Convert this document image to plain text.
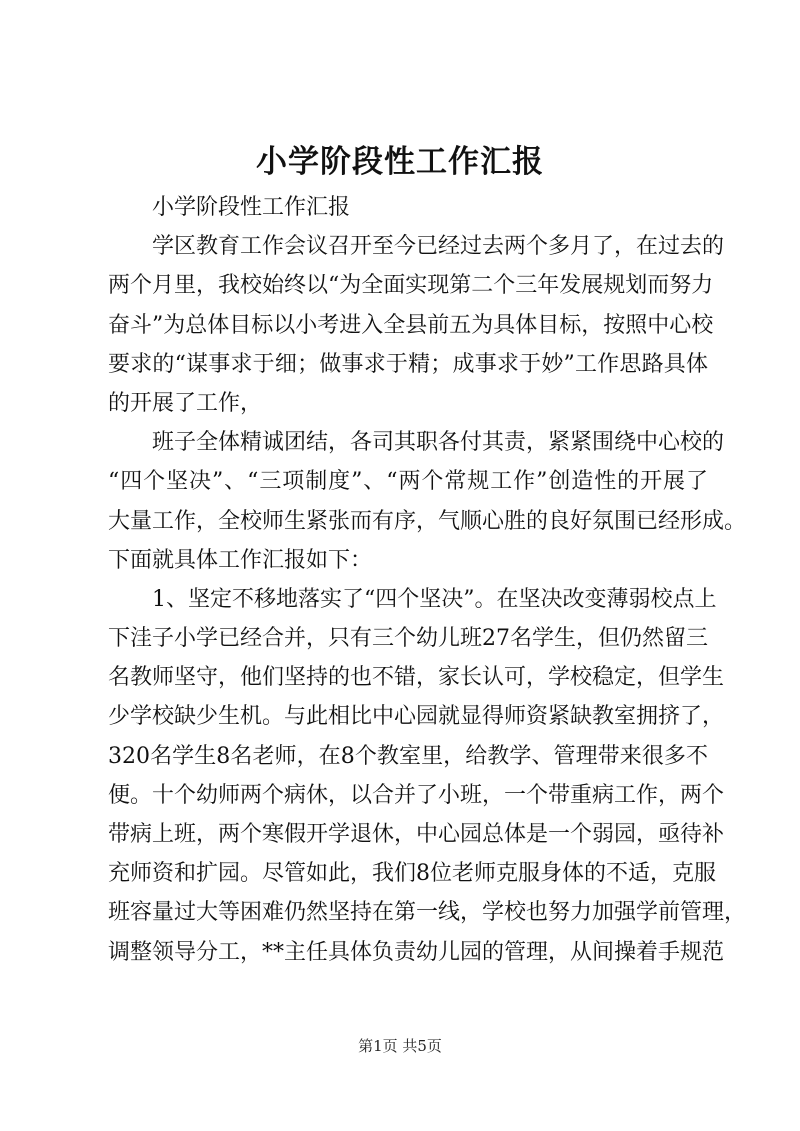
小学阶段性工作汇报
小学阶段性工作汇报
学区教育工作会议召开至今已经过去两个多月了，在过去的
两个月里，我校始终以“为全面实现第二个三年发展规划而努力
奋斗”为总体目标以小考进入全县前五为具体目标，按照中心校
要求的“谋事求于细；做事求于精；成事求于妙”工作思路具体
的开展了工作，
班子全体精诚团结，各司其职各付其责，紧紧围绕中心校的
“四个坚决”、“三项制度”、“两个常规工作”创造性的开展了
大量工作，全校师生紧张而有序，气顺心胜的良好氛围已经形成。
下面就具体工作汇报如下：
1、坚定不移地落实了“四个坚决”。在坚决改变薄弱校点上
下洼子小学已经合并，只有三个幼儿班27名学生，但仍然留三
名教师坚守，他们坚持的也不错，家长认可，学校稳定，但学生
少学校缺少生机。与此相比中心园就显得师资紧缺教室拥挤了，
320名学生8名老师，在8个教室里，给教学、管理带来很多不
便。十个幼师两个病休，以合并了小班，一个带重病工作，两个
带病上班，两个寒假开学退休，中心园总体是一个弱园，亟待补
充师资和扩园。尽管如此，我们8位老师克服身体的不适，克服
班容量过大等困难仍然坚持在第一线，学校也努力加强学前管理，
调整领导分工，**主任具体负责幼儿园的管理，从间操着手规范
第1页 共5页
